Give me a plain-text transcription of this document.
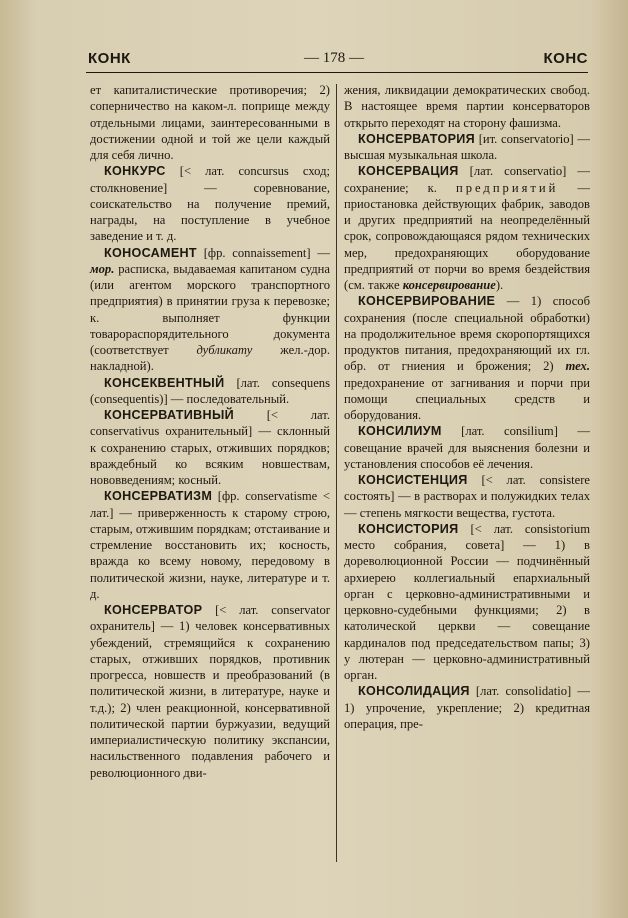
КОНК	— 178 —	КОНС

ет капиталистические противоречия; 2) соперничество на каком-л. поприще между отдельными лицами, заинтересованными в достижении одной и той же цели каждый для себя лично.

КОНКУРС [< лат. concursus сход; столкновение] — соревнование, соискательство на получение премий, награды, на поступление в учебное заведение и т. д.

КОНОСАМЕНТ [фр. connaissement] — мор. расписка, выдаваемая капитаном судна (или агентом морского транспортного предприятия) в принятии груза к перевозке; к. выполняет функции товарораспорядительного документа (соответствует дубликату жел.-дор. накладной).

КОНСЕКВЕНТНЫЙ [лат. consequens (consequentis)] — последовательный.

КОНСЕРВАТИВНЫЙ	[< лат. conservativus охранительный] — склонный к сохранению старых, отживших порядков; враждебный ко всяким новшествам, нововведениям; косный.

КОНСЕРВАТИЗМ [фр. conservatisme < лат.] — приверженность к старому строю, старым, отжившим порядкам; отстаивание и стремление восстановить их; косность, вражда ко всему новому, передовому в политической жизни, науке, литературе и т. д.

КОНСЕРВАТОР [< лат. conservator охранитель] — 1) человек консервативных убеждений, стремящийся к сохранению старых, отживших порядков, противник прогресса, новшеств и преобразований (в политической жизни, в литературе, науке и т.д.); 2) член реакционной, консервативной политической партии буржуазии, ведущий империалистическую политику экспансии, насильственного подавления рабочего и революционного дви-

жения, ликвидации демократических свобод. В настоящее время партии консерваторов открыто переходят на сторону фашизма.

КОНСЕРВАТОРИЯ [ит. conservatorio] — высшая музыкальная школа.

КОНСЕРВАЦИЯ [лат. conservatio] — сохранение; к. предприятий — приостановка действующих фабрик, заводов и других предприятий на неопределённый срок, сопровождающаяся рядом технических мер, предохраняющих оборудование предприятий от порчи во время бездействия (см. также консервирование).

КОНСЕРВИРОВАНИЕ — 1) способ сохранения (после специальной обработки) на продолжительное время скоропортящихся продуктов питания, предохраняющий их гл. обр. от гниения и брожения; 2) тех. предохранение от загнивания и порчи при помощи специальных средств и оборудования.

КОНСИЛИУМ [лат. consilium] — совещание врачей для выяснения болезни и установления способов её лечения.

КОНСИСТЕНЦИЯ [< лат. consistere состоять] — в растворах и полужидких телах — степень мягкости вещества, густота.

КОНСИСТОРИЯ [< лат. consistorium место собрания, совета] — 1) в дореволюционной России — подчинённый архиерею коллегиальный епархиальный орган с церковно-административными и церковно-судебными функциями; 2) в католической церкви — совещание кардиналов под председательством папы; 3) у лютеран — церковно-административный орган.

КОНСОЛИДАЦИЯ [лат. consolidatio] — 1) упрочение, укрепление; 2) кредитная операция, пре-
